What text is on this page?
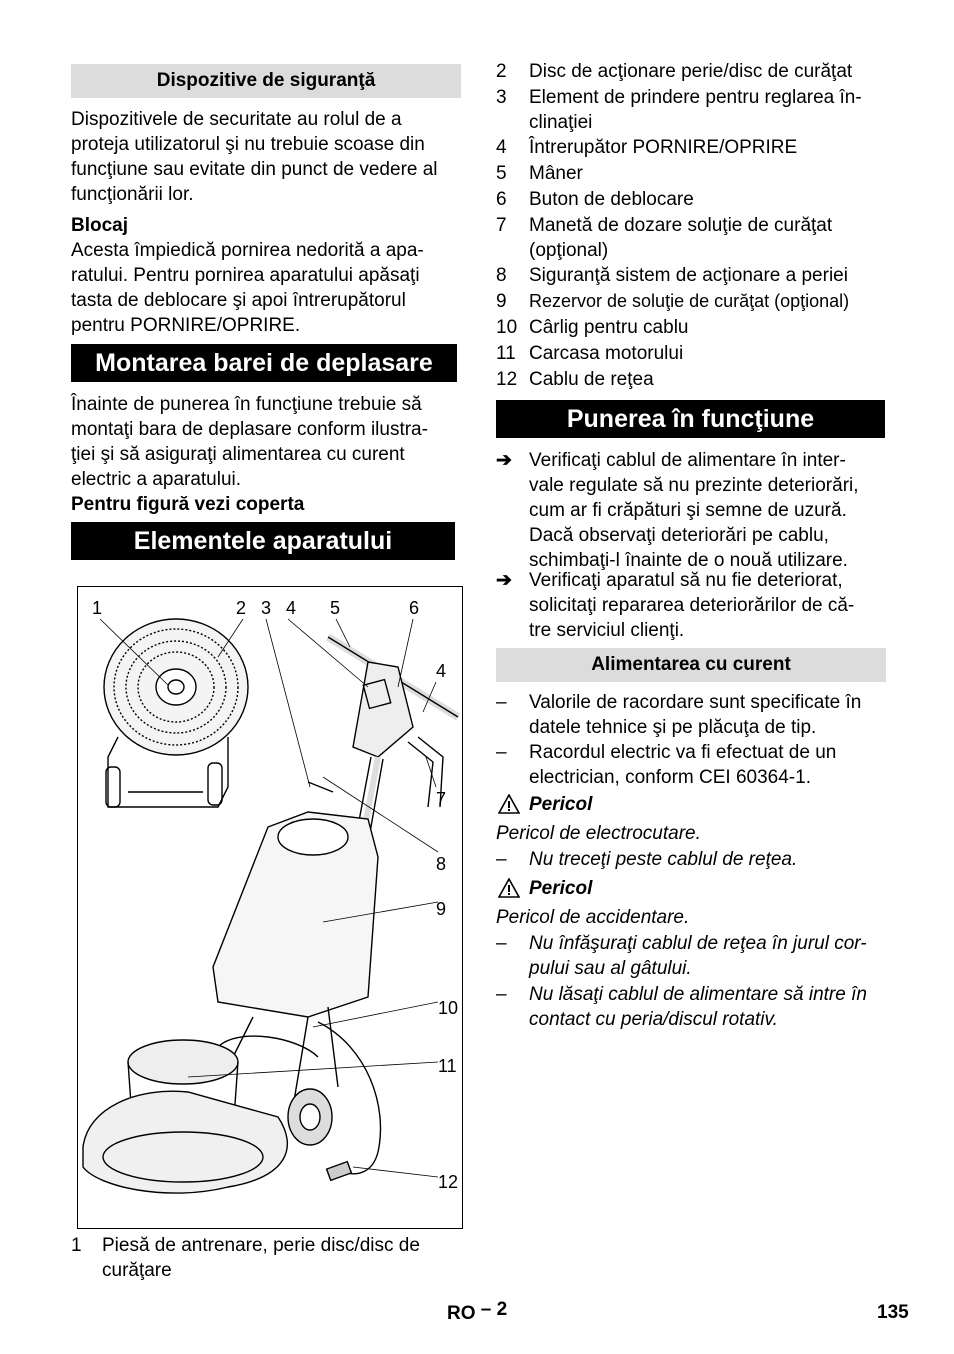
Dispozitive de siguranţă
Dispozitivele de securitate au rolul de a
proteja utilizatorul şi nu trebuie scoase din
funcţiune sau evitate din punct de vedere al
funcţionării lor.
Blocaj
Acesta împiedică pornirea nedorită a apa-
ratului. Pentru pornirea aparatului apăsaţi
tasta de deblocare şi apoi întrerupătorul
pentru PORNIRE/OPRIRE.
Montarea barei de deplasare
Înainte de punerea în funcţiune trebuie să
montaţi bara de deplasare conform ilustra-
ţiei şi să asiguraţi alimentarea cu curent
electric a aparatului.
Pentru figură vezi coperta
Elementele aparatului
1	2 3 4 5	6
4
7
8
9
10
11
12
1	Piesă de antrenare, perie disc/disc de
curăţare
2	Disc de acţionare perie/disc de curăţat
3	Element de prindere pentru reglarea în-
clinaţiei
4	Întrerupător PORNIRE/OPRIRE
5	Mâner
6	Buton de deblocare
7	Manetă de dozare soluţie de curăţat
(opţional)
8	Siguranţă sistem de acţionare a periei
9	Rezervor de soluţie de curăţat (opţional)
10 Cârlig pentru cablu
11 Carcasa motorului
12 Cablu de reţea
Punerea în funcţiune
➔ Verificaţi cablul de alimentare în inter-
vale regulate să nu prezinte deteriorări,
cum ar fi crăpături şi semne de uzură.
Dacă observaţi deteriorări pe cablu,
schimbaţi-l înainte de o nouă utilizare.
➔ Verificaţi aparatul să nu fie deteriorat,
solicitaţi repararea deteriorărilor de că-
tre serviciul clienţi.
Alimentarea cu curent
– Valorile de racordare sunt specificate în
datele tehnice şi pe plăcuţa de tip.
– Racordul electric va fi efectuat de un
electrician, conform CEI 60364-1.
Pericol
Pericol de electrocutare.
– Nu treceţi peste cablul de reţea.
Pericol
Pericol de accidentare.
– Nu înfăşuraţi cablul de reţea în jurul cor-
pului sau al gâtului.
– Nu lăsaţi cablul de alimentare să intre în
contact cu peria/discul rotativ.
RO – 2	135
